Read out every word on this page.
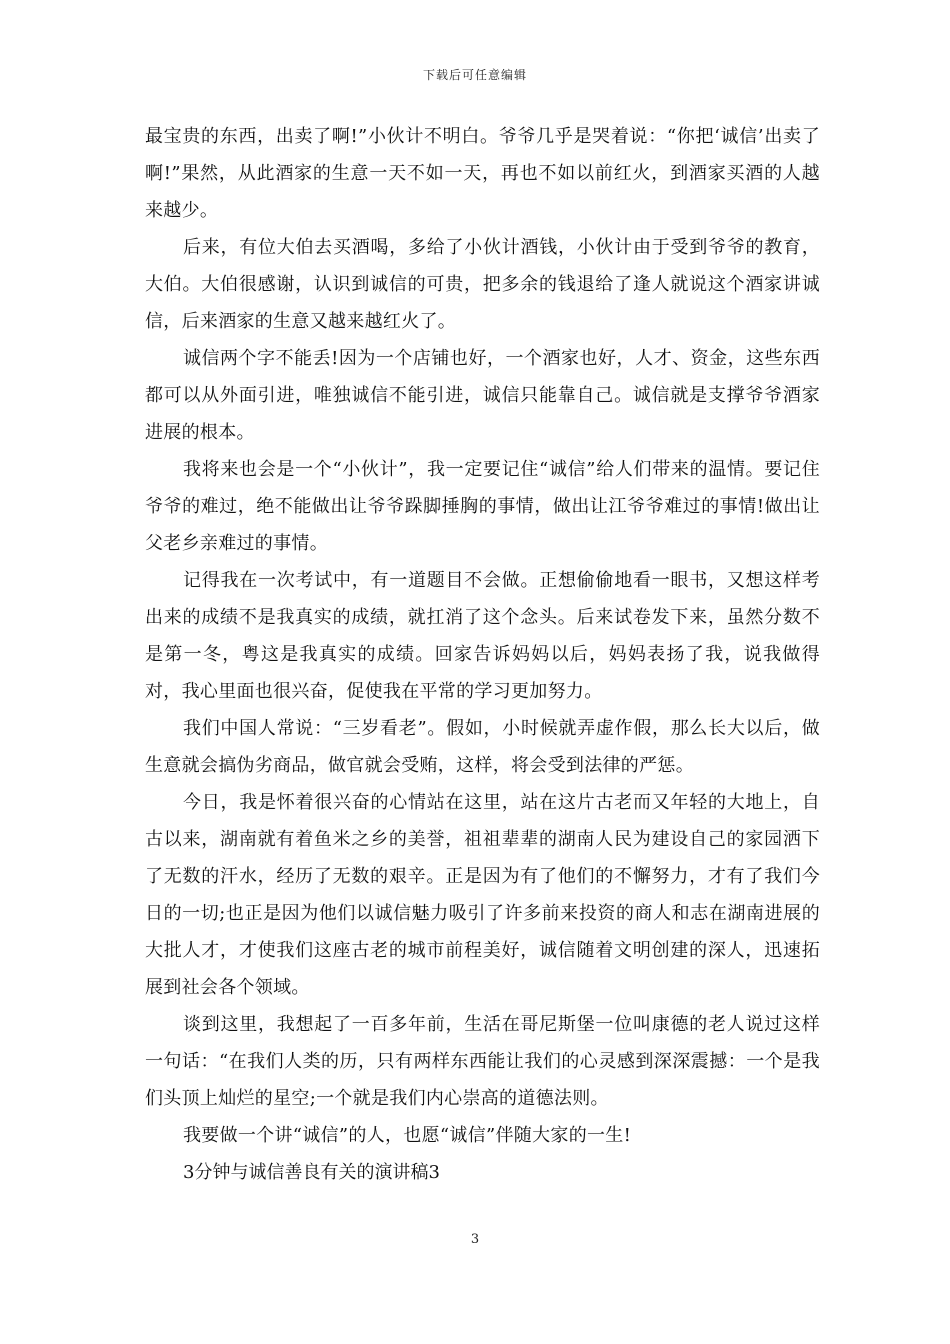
下载后可任意编辑

最宝贵的东西，出卖了啊!”小伙计不明白。爷爷几乎是哭着说：“你把‘诚信’出卖了啊!”果然，从此酒家的生意一天不如一天，再也不如以前红火，到酒家买酒的人越来越少。

后来，有位大伯去买酒喝，多给了小伙计酒钱，小伙计由于受到爷爷的教育，大伯。大伯很感谢，认识到诚信的可贵，把多余的钱退给了逢人就说这个酒家讲诚信，后来酒家的生意又越来越红火了。

诚信两个字不能丢!因为一个店铺也好，一个酒家也好，人才、资金，这些东西都可以从外面引进，唯独诚信不能引进，诚信只能靠自己。诚信就是支撑爷爷酒家进展的根本。

我将来也会是一个“小伙计”，我一定要记住“诚信”给人们带来的温情。要记住爷爷的难过，绝不能做出让爷爷跺脚捶胸的事情，做出让江爷爷难过的事情!做出让父老乡亲难过的事情。

记得我在一次考试中，有一道题目不会做。正想偷偷地看一眼书，又想这样考出来的成绩不是我真实的成绩，就扛消了这个念头。后来试卷发下来，虽然分数不是第一冬，粤这是我真实的成绩。回家告诉妈妈以后，妈妈表扬了我，说我做得对，我心里面也很兴奋，促使我在平常的学习更加努力。

我们中国人常说：“三岁看老”。假如，小时候就弄虚作假，那么长大以后，做生意就会搞伪劣商品，做官就会受贿，这样，将会受到法律的严惩。

今日，我是怀着很兴奋的心情站在这里，站在这片古老而又年轻的大地上，自古以来，湖南就有着鱼米之乡的美誉，祖祖辈辈的湖南人民为建设自己的家园洒下了无数的汗水，经历了无数的艰辛。正是因为有了他们的不懈努力，才有了我们今日的一切;也正是因为他们以诚信魅力吸引了许多前来投资的商人和志在湖南进展的大批人才，才使我们这座古老的城市前程美好，诚信随着文明创建的深人，迅速拓展到社会各个领域。

谈到这里，我想起了一百多年前，生活在哥尼斯堡一位叫康德的老人说过这样一句话：“在我们人类的历，只有两样东西能让我们的心灵感到深深震撼：一个是我们头顶上灿烂的星空;一个就是我们内心崇高的道德法则。

我要做一个讲“诚信”的人，也愿“诚信”伴随大家的一生!

3分钟与诚信善良有关的演讲稿3

3
